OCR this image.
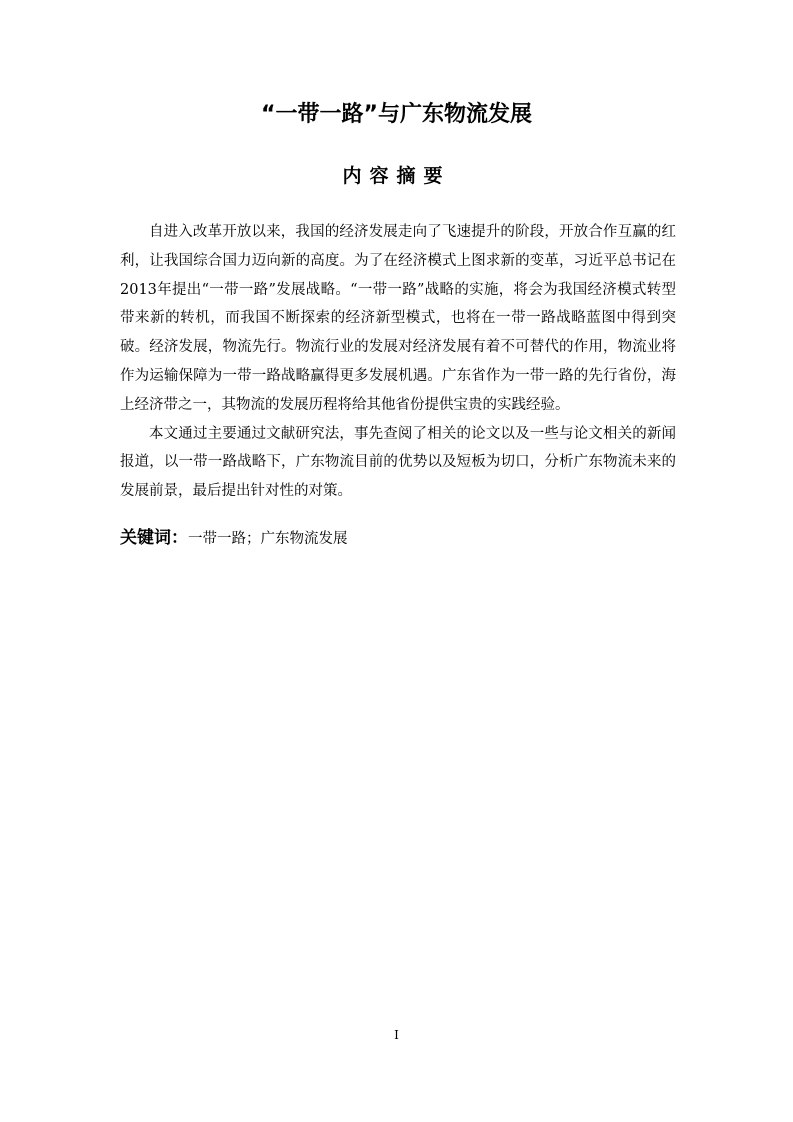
“一带一路”与广东物流发展
内容摘要

自进入改革开放以来，我国的经济发展走向了飞速提升的阶段，开放合作互赢的红利，让我国综合国力迈向新的高度。为了在经济模式上图求新的变革，习近平总书记在2013年提出“一带一路”发展战略。“一带一路”战略的实施，将会为我国经济模式转型带来新的转机，而我国不断探索的经济新型模式，也将在一带一路战略蓝图中得到突破。经济发展，物流先行。物流行业的发展对经济发展有着不可替代的作用，物流业将作为运输保障为一带一路战略赢得更多发展机遇。广东省作为一带一路的先行省份，海上经济带之一，其物流的发展历程将给其他省份提供宝贵的实践经验。

本文通过主要通过文献研究法，事先查阅了相关的论文以及一些与论文相关的新闻报道，以一带一路战略下，广东物流目前的优势以及短板为切口，分析广东物流未来的发展前景，最后提出针对性的对策。

关键词：一带一路；广东物流发展
I
